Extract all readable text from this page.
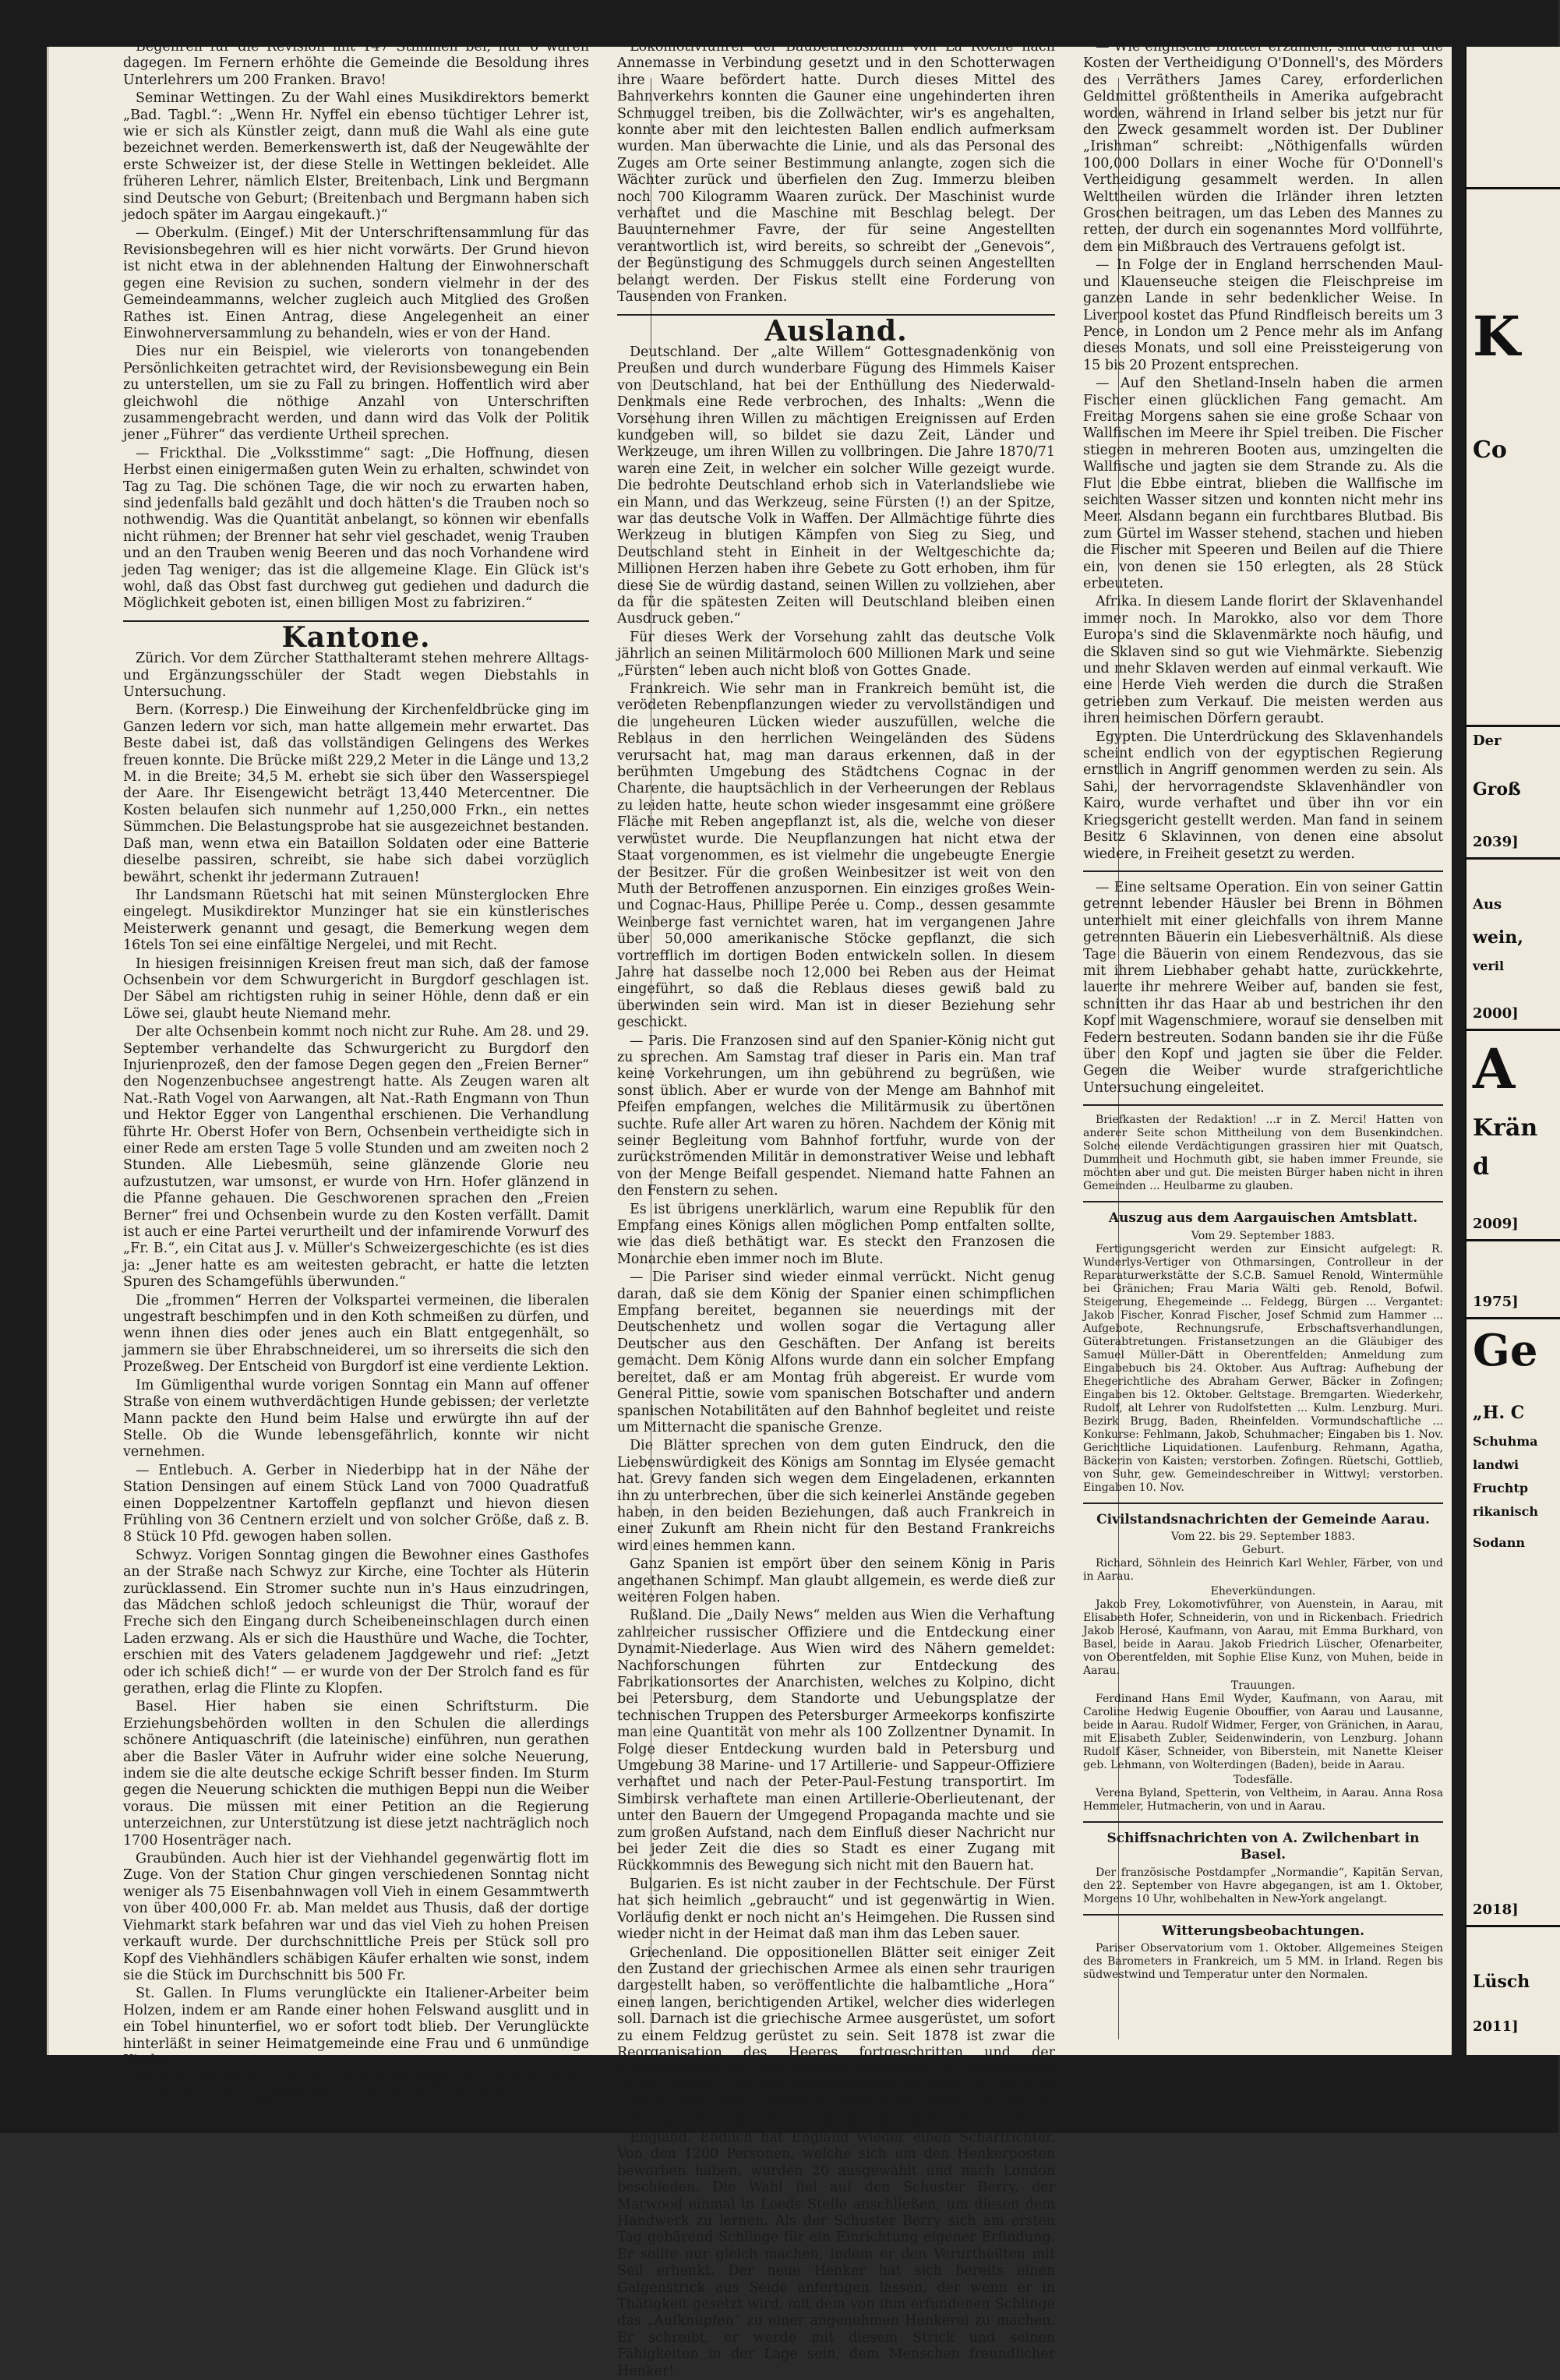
Begehren für die Revision mit 147 Stimmen bei, nur 6 waren dagegen. Im Fernern erhöhte die Gemeinde die Besoldung ihres Unterlehrers um 200 Franken. Bravo!

Seminar Wettingen. Zu der Wahl eines Musikdirektors bemerkt „Bad. Tagbl.“: „Wenn Hr. Nyffel ein ebenso tüchtiger Lehrer ist, wie er sich als Künstler zeigt, dann muß die Wahl als eine gute bezeichnet werden. Bemerkenswerth ist, daß der Neugewählte der erste Schweizer ist, der diese Stelle in Wettingen bekleidet. Alle früheren Lehrer, nämlich Elster, Breitenbach, Link und Bergmann sind Deutsche von Geburt; (Breitenbach und Bergmann haben sich jedoch später im Aargau eingekauft.)“

— Oberkulm. (Eingef.) Mit der Unterschriftensammlung für das Revisionsbegehren will es hier nicht vorwärts. Der Grund hievon ist nicht etwa in der ablehnenden Haltung der Einwohnerschaft gegen eine Revision zu suchen, sondern vielmehr in der des Gemeindeammanns, welcher zugleich auch Mitglied des Großen Rathes ist. Einen Antrag, diese Angelegenheit an einer Einwohnerversammlung zu behandeln, wies er von der Hand.

Dies nur ein Beispiel, wie vielerorts von tonangebenden Persönlichkeiten getrachtet wird, der Revisionsbewegung ein Bein zu unterstellen, um sie zu Fall zu bringen. Hoffentlich wird aber gleichwohl die nöthige Anzahl von Unterschriften zusammengebracht werden, und dann wird das Volk der Politik jener „Führer“ das verdiente Urtheil sprechen.

— Frickthal. Die „Volksstimme“ sagt: „Die Hoffnung, diesen Herbst einen einigermaßen guten Wein zu erhalten, schwindet von Tag zu Tag. Die schönen Tage, die wir noch zu erwarten haben, sind jedenfalls bald gezählt und doch hätten's die Trauben noch so nothwendig. Was die Quantität anbelangt, so können wir ebenfalls nicht rühmen; der Brenner hat sehr viel geschadet, wenig Trauben und an den Trauben wenig Beeren und das noch Vorhandene wird jeden Tag weniger; das ist die allgemeine Klage. Ein Glück ist's wohl, daß das Obst fast durchweg gut gediehen und dadurch die Möglichkeit geboten ist, einen billigen Most zu fabriziren.“

Kantone.

Zürich. Vor dem Zürcher Statthalteramt stehen mehrere Alltags- und Ergänzungsschüler der Stadt wegen Diebstahls in Untersuchung.

Bern. (Korresp.) Die Einweihung der Kirchenfeldbrücke ging im Ganzen ledern vor sich, man hatte allgemein mehr erwartet. Das Beste dabei ist, daß das vollständigen Gelingens des Werkes freuen konnte. Die Brücke mißt 229,2 Meter in die Länge und 13,2 M. in die Breite; 34,5 M. erhebt sie sich über den Wasserspiegel der Aare. Ihr Eisengewicht beträgt 13,440 Metercentner. Die Kosten belaufen sich nunmehr auf 1,250,000 Frkn., ein nettes Sümmchen. Die Belastungsprobe hat sie ausgezeichnet bestanden. Daß man, wenn etwa ein Bataillon Soldaten oder eine Batterie dieselbe passiren, schreibt, sie habe sich dabei vorzüglich bewährt, schenkt ihr jedermann Zutrauen!

Ihr Landsmann Rüetschi hat mit seinen Münsterglocken Ehre eingelegt. Musikdirektor Munzinger hat sie ein künstlerisches Meisterwerk genannt und gesagt, die Bemerkung wegen dem 16tels Ton sei eine einfältige Nergelei, und mit Recht.

In hiesigen freisinnigen Kreisen freut man sich, daß der famose Ochsenbein vor dem Schwurgericht in Burgdorf geschlagen ist. Der Säbel am richtigsten ruhig in seiner Höhle, denn daß er ein Löwe sei, glaubt heute Niemand mehr.

Der alte Ochsenbein kommt noch nicht zur Ruhe. Am 28. und 29. September verhandelte das Schwurgericht zu Burgdorf den Injurienprozeß, den der famose Degen gegen den „Freien Berner“ den Nogenzenbuchsee angestrengt hatte. Als Zeugen waren alt Nat.-Rath Vogel von Aarwangen, alt Nat.-Rath Engmann von Thun und Hektor Egger von Langenthal erschienen. Die Verhandlung führte Hr. Oberst Hofer von Bern, Ochsenbein vertheidigte sich in einer Rede am ersten Tage 5 volle Stunden und am zweiten noch 2 Stunden. Alle Liebesmüh, seine glänzende Glorie neu aufzustutzen, war umsonst, er wurde von Hrn. Hofer glänzend in die Pfanne gehauen. Die Geschworenen sprachen den „Freien Berner“ frei und Ochsenbein wurde zu den Kosten verfällt. Damit ist auch er eine Partei verurtheilt und der infamirende Vorwurf des „Fr. B.“, ein Citat aus J. v. Müller's Schweizergeschichte (es ist dies ja: „Jener hatte es am weitesten gebracht, er hatte die letzten Spuren des Schamgefühls überwunden.“

Die „frommen“ Herren der Volkspartei vermeinen, die liberalen ungestraft beschimpfen und in den Koth schmeißen zu dürfen, und wenn ihnen dies oder jenes auch ein Blatt entgegenhält, so jammern sie über Ehrabschneiderei, um so ihrerseits die sich den Prozeßweg. Der Entscheid von Burgdorf ist eine verdiente Lektion.

Im Gümligenthal wurde vorigen Sonntag ein Mann auf offener Straße von einem wuthverdächtigen Hunde gebissen; der verletzte Mann packte den Hund beim Halse und erwürgte ihn auf der Stelle. Ob die Wunde lebensgefährlich, konnte wir nicht vernehmen.

— Entlebuch. A. Gerber in Niederbipp hat in der Nähe der Station Densingen auf einem Stück Land von 7000 Quadratfuß einen Doppelzentner Kartoffeln gepflanzt und hievon diesen Frühling von 36 Centnern erzielt und von solcher Größe, daß z. B. 8 Stück 10 Pfd. gewogen haben sollen.

Schwyz. Vorigen Sonntag gingen die Bewohner eines Gasthofes an der Straße nach Schwyz zur Kirche, eine Tochter als Hüterin zurücklassend. Ein Stromer suchte nun in's Haus einzudringen, das Mädchen schloß jedoch schleunigst die Thür, worauf der Freche sich den Eingang durch Scheibeneinschlagen durch einen Laden erzwang. Als er sich die Hausthüre und Wache, die Tochter, erschien mit des Vaters geladenem Jagdgewehr und rief: „Jetzt oder ich schieß dich!“ — er wurde von der Der Strolch fand es für gerathen, erlag die Flinte zu Klopfen.

Basel. Hier haben sie einen Schriftsturm. Die Erziehungsbehörden wollten in den Schulen die allerdings schönere Antiquaschrift (die lateinische) einführen, nun gerathen aber die Basler Väter in Aufruhr wider eine solche Neuerung, indem sie die alte deutsche eckige Schrift besser finden. Im Sturm gegen die Neuerung schickten die muthigen Beppi nun die Weiber voraus. Die müssen mit einer Petition an die Regierung unterzeichnen, zur Unterstützung ist diese jetzt nachträglich noch 1700 Hosenträger nach.

Graubünden. Auch hier ist der Viehhandel gegenwärtig flott im Zuge. Von der Station Chur gingen verschiedenen Sonntag nicht weniger als 75 Eisenbahnwagen voll Vieh in einem Gesammtwerth von über 400,000 Fr. ab. Man meldet aus Thusis, daß der dortige Viehmarkt stark befahren war und das viel Vieh zu hohen Preisen verkauft wurde. Der durchschnittliche Preis per Stück soll pro Kopf des Viehhändlers schäbigen Käufer erhalten wie sonst, indem sie die Stück im Durchschnitt bis 500 Fr.

St. Gallen. In Flums verunglückte ein Italiener-Arbeiter beim Holzen, indem er am Rande einer hohen Felswand ausglitt und in ein Tobel hinunterfiel, wo er sofort todt blieb. Der Verunglückte hinterläßt in seiner Heimatgemeinde eine Frau und 6 unmündige Kinder.

Genf. In der Nacht vom 13. auf den 14. September wurde an der Grenze eine Schmugglerbande entdeckt, die sich mit dem

Lokomotivführer der Baubetriebsbahn von La Roche nach Annemasse in Verbindung gesetzt und in den Schotterwagen ihre Waare befördert hatte. Durch dieses Mittel des Bahnverkehrs konnten die Gauner eine ungehinderten ihren Schmuggel treiben, bis die Zollwächter, wir's es angehalten, konnte aber mit den leichtesten Ballen endlich aufmerksam wurden. Man überwachte die Linie, und als das Personal des Zuges am Orte seiner Bestimmung anlangte, zogen sich die Wächter zurück und überfielen den Zug. Immerzu bleiben noch 700 Kilogramm Waaren zurück. Der Maschinist wurde verhaftet und die Maschine mit Beschlag belegt. Der Bauunternehmer Favre, der für seine Angestellten verantwortlich ist, wird bereits, so schreibt der „Genevois“, der Begünstigung des Schmuggels durch seinen Angestellten belangt werden. Der Fiskus stellt eine Forderung von Tausenden von Franken.

Ausland.

Deutschland. Der „alte Willem“ Gottesgnadenkönig von Preußen und durch wunderbare Fügung des Himmels Kaiser von Deutschland, hat bei der Enthüllung des Niederwald-Denkmals eine Rede verbrochen, des Inhalts: „Wenn die Vorsehung ihren Willen zu mächtigen Ereignissen auf Erden kundgeben will, so bildet sie dazu Zeit, Länder und Werkzeuge, um ihren Willen zu vollbringen. Die Jahre 1870/71 waren eine Zeit, in welcher ein solcher Wille gezeigt wurde. Die bedrohte Deutschland erhob sich in Vaterlandsliebe wie ein Mann, und das Werkzeug, seine Fürsten (!) an der Spitze, war das deutsche Volk in Waffen. Der Allmächtige führte dies Werkzeug in blutigen Kämpfen von Sieg zu Sieg, und Deutschland steht in Einheit in der Weltgeschichte da; Millionen Herzen haben ihre Gebete zu Gott erhoben, ihm für diese Sie de würdig dastand, seinen Willen zu vollziehen, aber da für die spätesten Zeiten will Deutschland bleiben einen Ausdruck geben.“

Für dieses Werk der Vorsehung zahlt das deutsche Volk jährlich an seinen Militärmoloch 600 Millionen Mark und seine „Fürsten“ leben auch nicht bloß von Gottes Gnade.

Frankreich. Wie sehr man in Frankreich bemüht ist, die verödeten Rebenpflanzungen wieder zu vervollständigen und die ungeheuren Lücken wieder auszufüllen, welche die Reblaus in den herrlichen Weingeländen des Südens verursacht hat, mag man daraus erkennen, daß in der berühmten Umgebung des Städtchens Cognac in der Charente, die hauptsächlich in der Verheerungen der Reblaus zu leiden hatte, heute schon wieder insgesammt eine größere Fläche mit Reben angepflanzt ist, als die, welche von dieser verwüstet wurde. Die Neupflanzungen hat nicht etwa der Staat vorgenommen, es ist vielmehr die ungebeugte Energie der Besitzer. Für die großen Weinbesitzer ist weit von den Muth der Betroffenen anzuspornen. Ein einziges großes Wein- und Cognac-Haus, Phillipe Perée u. Comp., dessen gesammte Weinberge fast vernichtet waren, hat im vergangenen Jahre über 50,000 amerikanische Stöcke gepflanzt, die sich vortrefflich im dortigen Boden entwickeln sollen. In diesem Jahre hat dasselbe noch 12,000 bei Reben aus der Heimat eingeführt, so daß die Reblaus dieses gewiß bald zu überwinden sein wird. Man ist in dieser Beziehung sehr geschickt.

— Paris. Die Franzosen sind auf den Spanier-König nicht gut zu sprechen. Am Samstag traf dieser in Paris ein. Man traf keine Vorkehrungen, um ihn gebührend zu begrüßen, wie sonst üblich. Aber er wurde von der Menge am Bahnhof mit Pfeifen empfangen, welches die Militärmusik zu übertönen suchte. Rufe aller Art waren zu hören. Nachdem der König mit seiner Begleitung vom Bahnhof fortfuhr, wurde von der zurückströmenden Militär in demonstrativer Weise und lebhaft von der Menge Beifall gespendet. Niemand hatte Fahnen an den Fenstern zu sehen.

Es ist übrigens unerklärlich, warum eine Republik für den Empfang eines Königs allen möglichen Pomp entfalten sollte, wie das dieß bethätigt war. Es steckt den Franzosen die Monarchie eben immer noch im Blute.

— Die Pariser sind wieder einmal verrückt. Nicht genug daran, daß sie dem König der Spanier einen schimpflichen Empfang bereitet, begannen sie neuerdings mit der Deutschenhetz und wollen sogar die Vertagung aller Deutscher aus den Geschäften. Der Anfang ist bereits gemacht. Dem König Alfons wurde dann ein solcher Empfang bereitet, daß er am Montag früh abgereist. Er wurde vom General Pittie, sowie vom spanischen Botschafter und andern spanischen Notabilitäten auf den Bahnhof begleitet und reiste um Mitternacht die spanische Grenze.

Die Blätter sprechen von dem guten Eindruck, den die Liebenswürdigkeit des Königs am Sonntag im Elysée gemacht hat. Grevy fanden sich wegen dem Eingeladenen, erkannten ihn zu unterbrechen, über die sich keinerlei Anstände gegeben haben, in den beiden Beziehungen, daß auch Frankreich in einer Zukunft am Rhein nicht für den Bestand Frankreichs wird eines hemmen kann.

Ganz Spanien ist empört über den seinem König in Paris angethanen Schimpf. Man glaubt allgemein, es werde dieß zur weiteren Folgen haben.

Rußland. Die „Daily News“ melden aus Wien die Verhaftung zahlreicher russischer Offiziere und die Entdeckung einer Dynamit-Niederlage. Aus Wien wird des Nähern gemeldet: Nachforschungen führten zur Entdeckung des Fabrikationsortes der Anarchisten, welches zu Kolpino, dicht bei Petersburg, dem Standorte und Uebungsplatze der technischen Truppen des Petersburger Armeekorps konfiszirte man eine Quantität von mehr als 100 Zollzentner Dynamit. In Folge dieser Entdeckung wurden bald in Petersburg und Umgebung 38 Marine- und 17 Artillerie- und Sappeur-Offiziere verhaftet und nach der Peter-Paul-Festung transportirt. Im Simbirsk verhaftete man einen Artillerie-Oberlieutenant, der unter den Bauern der Umgegend Propaganda machte und sie zum großen Aufstand, nach dem Einfluß dieser Nachricht nur bei jeder Zeit die dies so Stadt es einer Zugang mit Rückkommnis des Bewegung sich nicht mit den Bauern hat.

Bulgarien. Es ist nicht zauber in der Fechtschule. Der Fürst hat sich heimlich „gebraucht“ und ist gegenwärtig in Wien. Vorläufig denkt er noch nicht an's Heimgehen. Die Russen sind wieder nicht in der Heimat daß man ihm das Leben sauer.

Griechenland. Die oppositionellen Blätter seit einiger Zeit den Zustand der griechischen Armee als einen sehr traurigen dargestellt haben, so veröffentlichte die halbamtliche „Hora“ einen langen, berichtigenden Artikel, welcher dies widerlegen soll. Darnach ist die griechische Armee ausgerüstet, um sofort zu einem Feldzug gerüstet zu sein. Seit 1878 ist zwar die Reorganisation des Heeres fortgeschritten und der Kriegsmaterial gut und reichlich vorhanden, in Griechenland sei im Stande, 100,000 gut bewaffnete Soldaten in's Feld zu senden, inbegriffen selbstverständlich der Reserven, welche sich sogleich nach Ausbruch des Krieges einberufen werden.

England. Endlich hat England wieder einen Scharfrichter. Von den 1200 Personen, welche sich um den Henkerposten beworben haben, wurden 20 ausgewählt und nach London beschieden. Die Wahl fiel auf den Schuster Berry, der Marwood einmal in Leeds Stelle anschließen, um diesen dem Handwerk zu lernen. Als der Schuster Berry sich am ersten Tag gebärend Schlinge für ein Einrichtung eigener Erfindung. Er sollte nur gleich machen, indem er den Verurtheilten mit Seil erhenkt. Der neue Henker hat sich bereits einen Galgenstrick aus Seide anfertigen lassen, der wenn er in Thätigkeit gesetzt wird, mit dem von ihm erfundenen Schlinge das „Aufknüpfen“ zu einer angenehmen Henkerei zu machen. Er schreibt, er werde mit diesem Strick und seinen Fähigkeiten in der Lage sein, dem Menschen freundlicher Henker!

— Wie englische Blätter erzählen, sind die für die Kosten der Vertheidigung O'Donnell's, des Mörders des Verräthers James Carey, erforderlichen Geldmittel größtentheils in Amerika aufgebracht worden, während in Irland selber bis jetzt nur für den Zweck gesammelt worden ist. Der Dubliner „Irishman“ schreibt: „Nöthigenfalls würden 100,000 Dollars in einer Woche für O'Donnell's Vertheidigung gesammelt werden. In allen Welttheilen würden die Irländer ihren letzten Groschen beitragen, um das Leben des Mannes zu retten, der durch ein sogenanntes Mord vollführte, dem ein Mißbrauch des Vertrauens gefolgt ist.

— In Folge der in England herrschenden Maul- und Klauenseuche steigen die Fleischpreise im ganzen Lande in sehr bedenklicher Weise. In Liverpool kostet das Pfund Rindfleisch bereits um 3 Pence, in London um 2 Pence mehr als im Anfang dieses Monats, und soll eine Preissteigerung von 15 bis 20 Prozent entsprechen.

— Auf den Shetland-Inseln haben die armen Fischer einen glücklichen Fang gemacht. Am Freitag Morgens sahen sie eine große Schaar von Wallfischen im Meere ihr Spiel treiben. Die Fischer stiegen in mehreren Booten aus, umzingelten die Wallfische und jagten sie dem Strande zu. Als die Flut die Ebbe eintrat, blieben die Wallfische im seichten Wasser sitzen und konnten nicht mehr ins Meer. Alsdann begann ein furchtbares Blutbad. Bis zum Gürtel im Wasser stehend, stachen und hieben die Fischer mit Speeren und Beilen auf die Thiere ein, von denen sie 150 erlegten, als 28 Stück erbeuteten.

Afrika. In diesem Lande florirt der Sklavenhandel immer noch. In Marokko, also vor dem Thore Europa's sind die Sklavenmärkte noch häufig, und die Sklaven sind so gut wie Viehmärkte. Siebenzig und mehr Sklaven werden auf einmal verkauft. Wie eine Herde Vieh werden die durch die Straßen getrieben zum Verkauf. Die meisten werden aus ihren heimischen Dörfern geraubt.

Egypten. Die Unterdrückung des Sklavenhandels scheint endlich von der egyptischen Regierung ernstlich in Angriff genommen werden zu sein. Als Sahi, der hervorragendste Sklavenhändler von Kairo, wurde verhaftet und über ihn vor ein Kriegsgericht gestellt werden. Man fand in seinem Besitz 6 Sklavinnen, von denen eine absolut wiedere, in Freiheit gesetzt zu werden.

— Eine seltsame Operation. Ein von seiner Gattin getrennt lebender Häusler bei Brenn in Böhmen unterhielt mit einer gleichfalls von ihrem Manne getrennten Bäuerin ein Liebesverhältniß. Als diese Tage die Bäuerin von einem Rendezvous, das sie mit ihrem Liebhaber gehabt hatte, zurückkehrte, lauerte ihr mehrere Weiber auf, banden sie fest, schnitten ihr das Haar ab und bestrichen ihr den Kopf mit Wagenschmiere, worauf sie denselben mit Federn bestreuten. Sodann banden sie ihr die Füße über den Kopf und jagten sie über die Felder. Gegen die Weiber wurde strafgerichtliche Untersuchung eingeleitet.

Briefkasten der Redaktion! ...r in Z. Merci! Hatten von anderer Seite schon Mittheilung von dem Busenkindchen. Solche eilende Verdächtigungen grassiren hier mit Quatsch, Dummheit und Hochmuth gibt, sie haben immer Freunde, sie möchten aber und gut. Die meisten Bürger haben nicht in ihren Gemeinden ... Heulbarme zu glauben.

Auszug aus dem Aargauischen Amtsblatt.
Vom 29. September 1883.

Fertigungsgericht werden zur Einsicht aufgelegt: R. Wunderlys-Vertiger von Othmarsingen, Controlleur in der Reparaturwerkstätte der S.C.B. Samuel Renold, Wintermühle bei Gränichen; Frau Maria Wälti geb. Renold, Bofwil. Steigerung, Ehegemeinde ... Feldegg, Bürgen ... Vergantet: Jakob Fischer, Konrad Fischer, Josef Schmid zum Hammer ... Aufgebote, Rechnungsrufe, Erbschaftsverhandlungen, Güterabtretungen. Fristansetzungen an die Gläubiger des Samuel Müller-Dätt in Oberentfelden; Anmeldung zum Eingabebuch bis 24. Oktober. Aus Auftrag: Aufhebung der Ehegerichtliche des Abraham Gerwer, Bäcker in Zofingen; Eingaben bis 12. Oktober. Geltstage. Bremgarten. Wiederkehr, Rudolf, alt Lehrer von Rudolfstetten ... Kulm. Lenzburg. Muri. Bezirk Brugg, Baden, Rheinfelden. Vormundschaftliche ... Konkurse: Fehlmann, Jakob, Schuhmacher; Eingaben bis 1. Nov. Gerichtliche Liquidationen. Laufenburg. Rehmann, Agatha, Bäckerin von Kaisten; verstorben. Zofingen. Rüetschi, Gottlieb, von Suhr, gew. Gemeindeschreiber in Wittwyl; verstorben. Eingaben 10. Nov.

Civilstandsnachrichten der Gemeinde Aarau.
Vom 22. bis 29. September 1883.
Geburt.

Richard, Söhnlein des Heinrich Karl Wehler, Färber, von und in Aarau.

Eheverkündungen.

Jakob Frey, Lokomotivführer, von Auenstein, in Aarau, mit Elisabeth Hofer, Schneiderin, von und in Rickenbach. Friedrich Jakob Herosé, Kaufmann, von Aarau, mit Emma Burkhard, von Basel, beide in Aarau. Jakob Friedrich Lüscher, Ofenarbeiter, von Oberentfelden, mit Sophie Elise Kunz, von Muhen, beide in Aarau.

Trauungen.

Ferdinand Hans Emil Wyder, Kaufmann, von Aarau, mit Caroline Hedwig Eugenie Obouffier, von Aarau und Lausanne, beide in Aarau. Rudolf Widmer, Ferger, von Gränichen, in Aarau, mit Elisabeth Zubler, Seidenwinderin, von Lenzburg. Johann Rudolf Käser, Schneider, von Biberstein, mit Nanette Kleiser geb. Lehmann, von Wolterdingen (Baden), beide in Aarau.

Todesfälle.

Verena Byland, Spetterin, von Veltheim, in Aarau. Anna Rosa Hemmeler, Hutmacherin, von und in Aarau.

Schiffsnachrichten von A. Zwilchenbart in Basel.

Der französische Postdampfer „Normandie“, Kapitän Servan, den 22. September von Havre abgegangen, ist am 1. Oktober, Morgens 10 Uhr, wohlbehalten in New-York angelangt.

Witterungsbeobachtungen.

Pariser Observatorium vom 1. Oktober. Allgemeines Steigen des Barometers in Frankreich, um 5 MM. in Irland. Regen bis südwestwind und Temperatur unter den Normalen.

K
Co
Der
Groß
2039]
Aus
wein,
veril
2000]
A
Krän
d
2009]
1975]
Ge
„H. C
Schuhma
landwi
Fruchtp
rikanisch
Sodann
2018]
Lüsch
2011]
